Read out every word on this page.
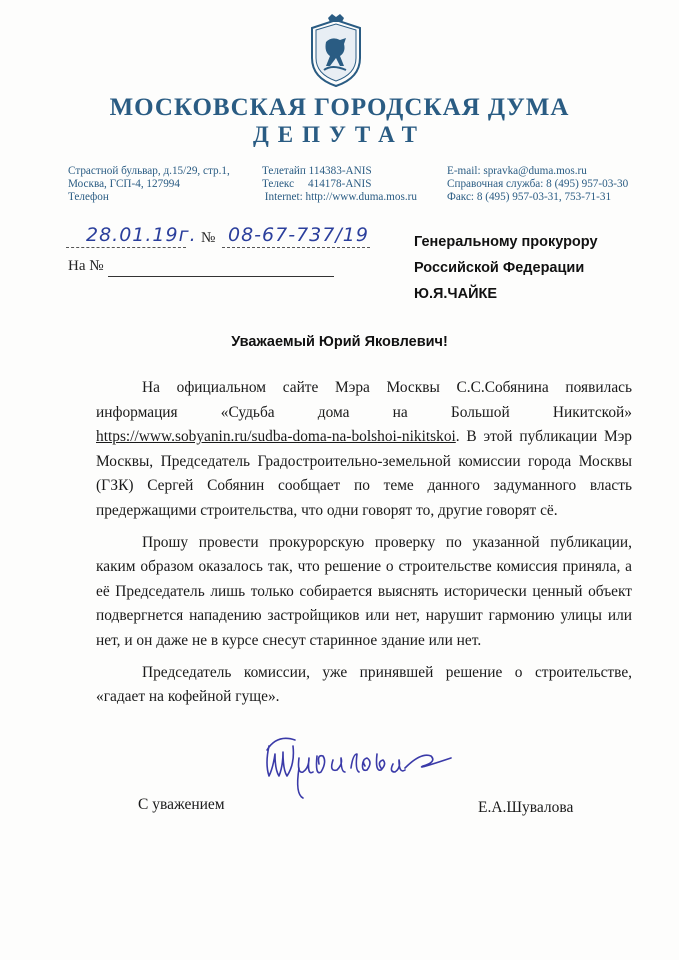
МОСКОВСКАЯ ГОРОДСКАЯ ДУМА
ДЕПУТАТ
Страстной бульвар, д.15/29, стр.1,
Москва, ГСП-4, 127994
Телефон
Телетайп 114383-ANIS
Телекс     414178-ANIS
Internet: http://www.duma.mos.ru
E-mail: spravka@duma.mos.ru
Справочная служба: 8 (495) 957-03-30
Факс: 8 (495) 957-03-31, 753-71-31
28.01.19г. № 08-67-737/19
На №
Генеральному прокурору
Российской Федерации
Ю.Я.ЧАЙКЕ
Уважаемый Юрий Яковлевич!

На официальном сайте Мэра Москвы С.С.Собянина появилась информация «Судьба дома на Большой Никитской» https://www.sobyanin.ru/sudba-doma-na-bolshoi-nikitskoi. В этой публикации Мэр Москвы, Председатель Градостроительно-земельной комиссии города Москвы (ГЗК) Сергей Собянин сообщает по теме данного задуманного власть предержащими строительства, что одни говорят то, другие говорят сё.

Прошу провести прокурорскую проверку по указанной публикации, каким образом оказалось так, что решение о строительстве комиссия приняла, а её Председатель лишь только собирается выяснять исторически ценный объект подвергнется нападению застройщиков или нет, нарушит гармонию улицы или нет, и он даже не в курсе снесут старинное здание или нет.

Председатель комиссии, уже принявшей решение о строительстве, «гадает на кофейной гуще».

С уважением	Е.А.Шувалова
